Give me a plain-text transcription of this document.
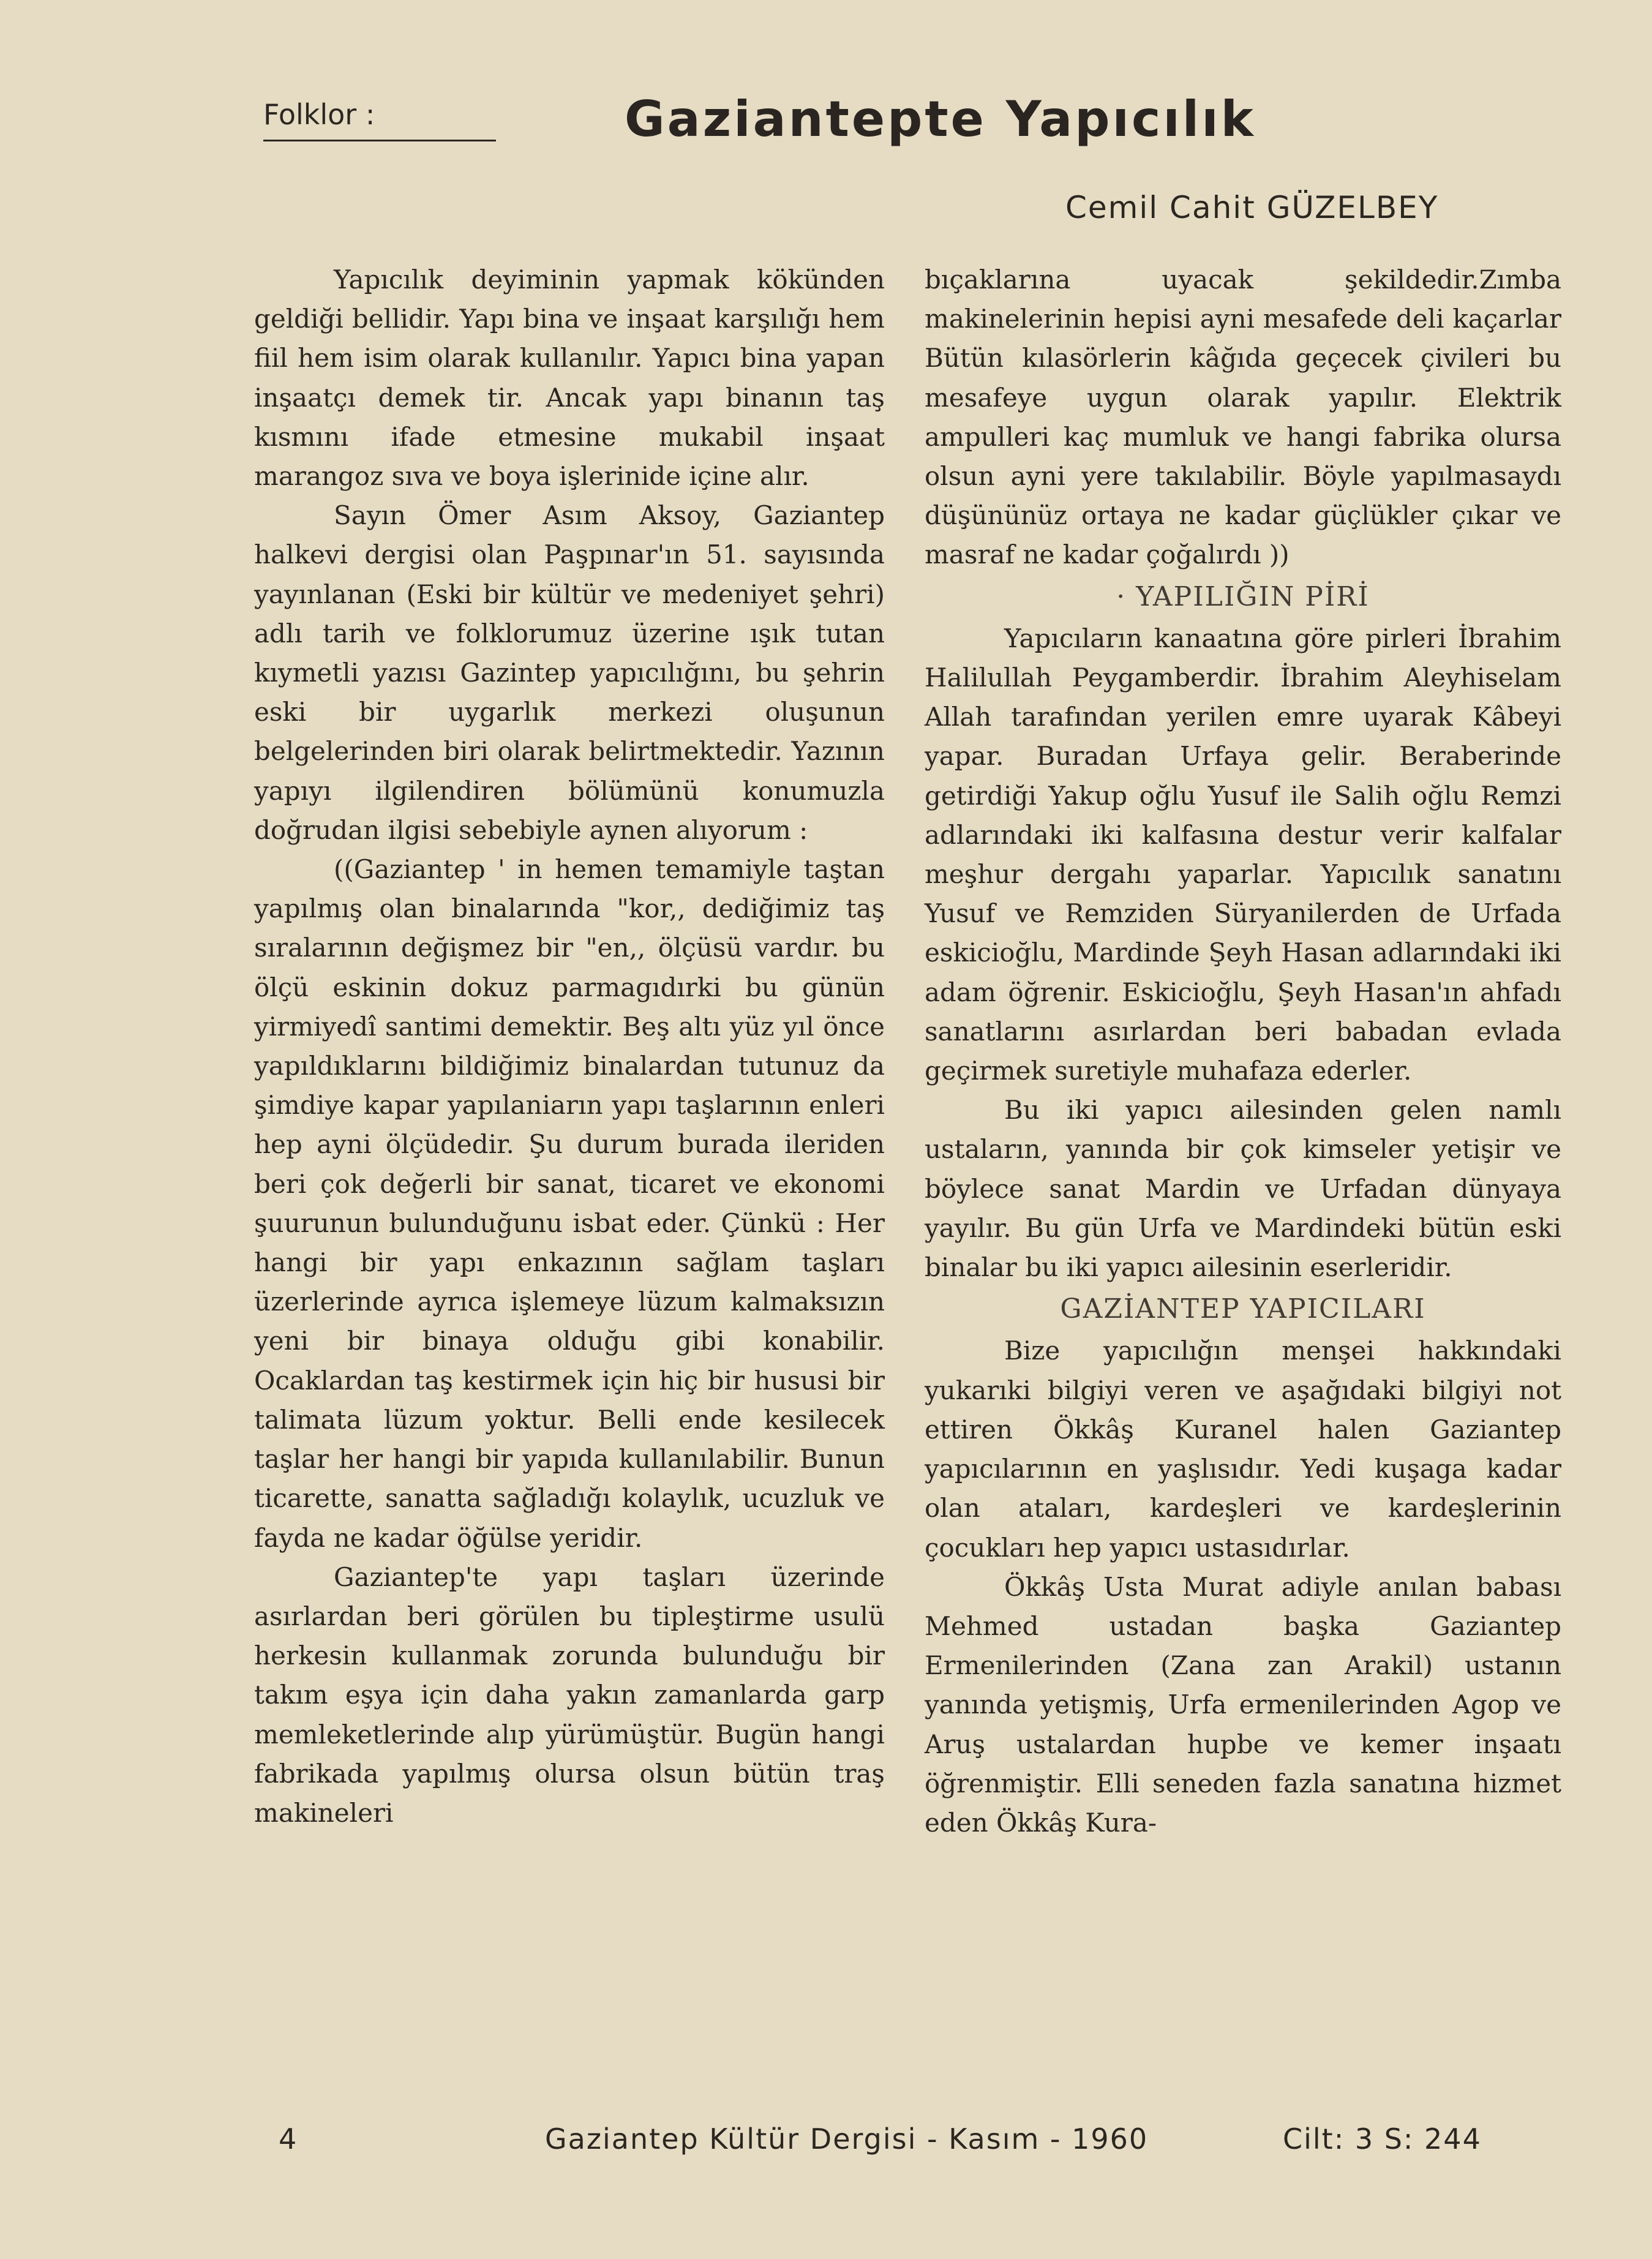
Folklor :	Gaziantepte Yapıcılık
Cemil Cahit GÜZELBEY

Yapıcılık deyiminin yapmak kökünden geldiği bellidir. Yapı bina ve inşaat karşılığı hem fiil hem isim olarak kullanılır. Yapıcı bina yapan inşaatçı demek tir. Ancak yapı binanın taş kısmını ifade etmesine mukabil inşaat marangoz sıva ve boya işlerinide içine alır.

Sayın Ömer Asım Aksoy, Gaziantep halkevi dergisi olan Paşpınar'ın 51. sayısında yayınlanan (Eski bir kültür ve medeniyet şehri) adlı tarih ve folklorumuz üzerine ışık tutan kıymetli yazısı Gazintep yapıcılığını, bu şehrin eski bir uygarlık merkezi oluşunun belgelerinden biri olarak belirtmektedir. Yazının yapıyı ilgilendiren bölümünü konumuzla doğrudan ilgisi sebebiyle aynen alıyorum :

((Gaziantep ' in hemen temamiyle taştan yapılmış olan binalarında "kor,, dediğimiz taş sıralarının değişmez bir "en,, ölçüsü vardır. bu ölçü eskinin dokuz parmagıdırki bu günün yirmiyedî santimi demektir. Beş altı yüz yıl önce yapıldıklarını bildiğimiz binalardan tutunuz da şimdiye kapar yapılaniarın yapı taşlarının enleri hep ayni ölçüdedir. Şu durum burada ileriden beri çok değerli bir sanat, ticaret ve ekonomi şuurunun bulunduğunu isbat eder. Çünkü : Her hangi bir yapı enkazının sağlam taşları üzerlerinde ayrıca işlemeye lüzum kalmaksızın yeni bir binaya olduğu gibi konabilir. Ocaklardan taş kestirmek için hiç bir hususi bir talimata lüzum yoktur. Belli ende kesilecek taşlar her hangi bir yapıda kullanılabilir. Bunun ticarette, sanatta sağladığı kolaylık, ucuzluk ve fayda ne kadar öğülse yeridir.

Gaziantep'te yapı taşları üzerinde asırlardan beri görülen bu tipleştirme usulü herkesin kullanmak zorunda bulunduğu bir takım eşya için daha yakın zamanlarda garp memleketlerinde alıp yürümüştür. Bugün hangi fabrikada yapılmış olursa olsun bütün traş makineleri

bıçaklarına uyacak şekildedir.Zımba makinelerinin hepisi ayni mesafede deli kaçarlar Bütün kılasörlerin kâğıda geçecek çivileri bu mesafeye uygun olarak yapılır. Elektrik ampulleri kaç mumluk ve hangi fabrika olursa olsun ayni yere takılabilir. Böyle yapılmasaydı düşününüz ortaya ne kadar güçlükler çıkar ve masraf ne kadar çoğalırdı ))

· YAPILIĞIN PİRİ

Yapıcıların kanaatına göre pirleri İbrahim Halilullah Peygamberdir. İbrahim Aleyhiselam Allah tarafından yerilen emre uyarak Kâbeyi yapar. Buradan Urfaya gelir. Beraberinde getirdiği Yakup oğlu Yusuf ile Salih oğlu Remzi adlarındaki iki kalfasına destur verir kalfalar meşhur dergahı yaparlar. Yapıcılık sanatını Yusuf ve Remziden Süryanilerden de Urfada eskicioğlu, Mardinde Şeyh Hasan adlarındaki iki adam öğrenir. Eskicioğlu, Şeyh Hasan'ın ahfadı sanatlarını asırlardan beri babadan evlada geçirmek suretiyle muhafaza ederler.

Bu iki yapıcı ailesinden gelen namlı ustaların, yanında bir çok kimseler yetişir ve böylece sanat Mardin ve Urfadan dünyaya yayılır. Bu gün Urfa ve Mardindeki bütün eski binalar bu iki yapıcı ailesinin eserleridir.

GAZİANTEP YAPICILARI

Bize yapıcılığın menşei hakkındaki yukarıki bilgiyi veren ve aşağıdaki bilgiyi not ettiren Ökkâş Kuranel halen Gaziantep yapıcılarının en yaşlısıdır. Yedi kuşaga kadar olan ataları, kardeşleri ve kardeşlerinin çocukları hep yapıcı ustasıdırlar.

Ökkâş Usta Murat adiyle anılan babası Mehmed ustadan başka Gaziantep Ermenilerinden (Zana zan Arakil) ustanın yanında yetişmiş, Urfa ermenilerinden Agop ve Aruş ustalardan hupbe ve kemer inşaatı öğrenmiştir. Elli seneden fazla sanatına hizmet eden Ökkâş Kura-

4	Gaziantep Kültür Dergisi - Kasım - 1960	Cilt: 3 S: 244
